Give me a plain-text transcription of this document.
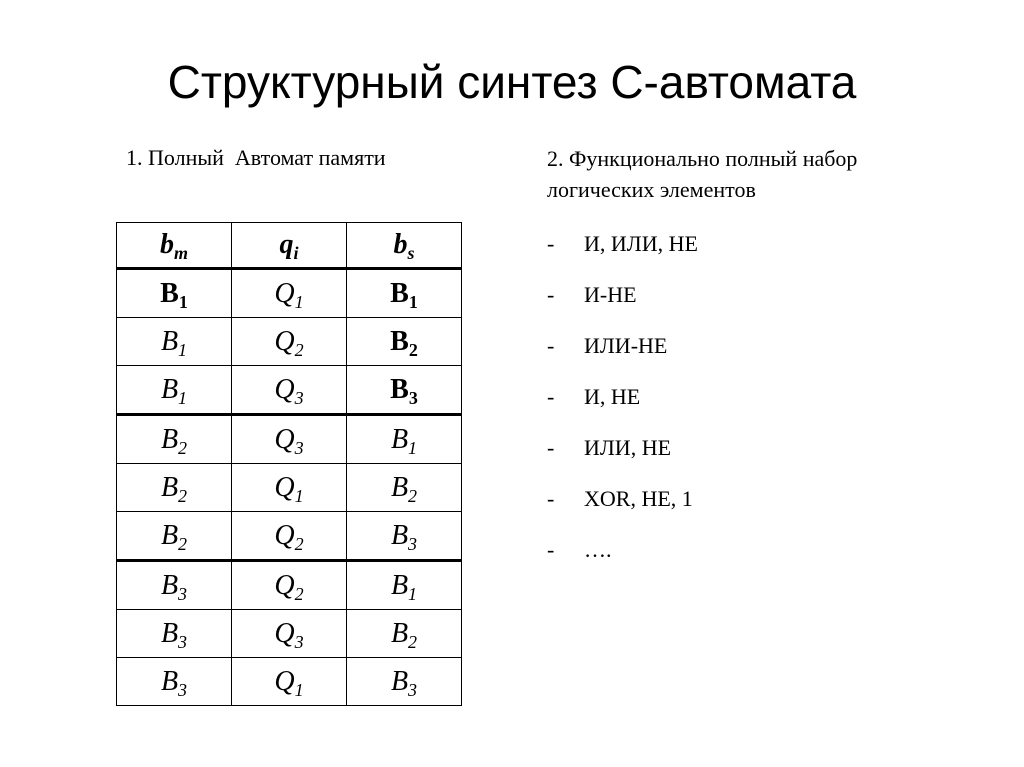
Структурный синтез С-автомата
1. Полный  Автомат памяти	2. Функционально полный набор
логических элементов
$b_m$	$q_i$	$b_s$
$B_1$	$Q_1$	$B_1$
$B_1$	$Q_2$	$B_2$
$B_1$	$Q_3$	$B_3$
$B_2$	$Q_3$	$B_1$
$B_2$	$Q_1$	$B_2$
$B_2$	$Q_2$	$B_3$
$B_3$	$Q_2$	$B_1$
$B_3$	$Q_3$	$B_2$
$B_3$	$Q_1$	$B_3$
- И, ИЛИ, НЕ
- И-НЕ
- ИЛИ-НЕ
- И, НЕ
- ИЛИ, НЕ
- XOR, НЕ, 1
- ….
